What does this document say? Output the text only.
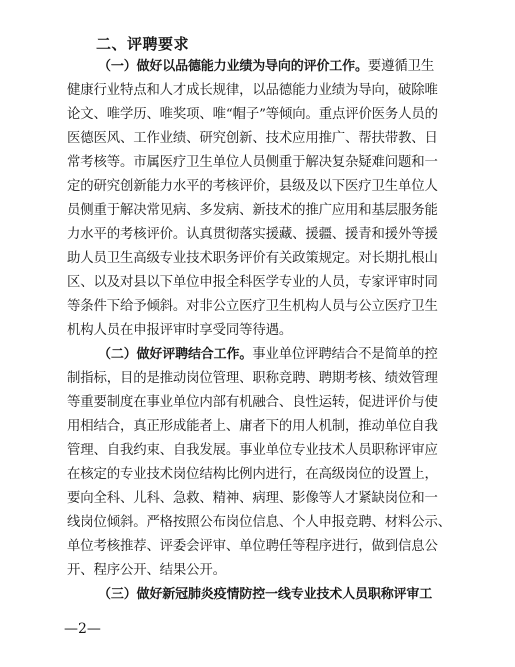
二、评聘要求
（一）做好以品德能力业绩为导向的评价工作。要遵循卫生
健康行业特点和人才成长规律，以品德能力业绩为导向，破除唯
论文、唯学历、唯奖项、唯“帽子”等倾向。重点评价医务人员的
医德医风、工作业绩、研究创新、技术应用推广、帮扶带教、日
常考核等。市属医疗卫生单位人员侧重于解决复杂疑难问题和一
定的研究创新能力水平的考核评价，县级及以下医疗卫生单位人
员侧重于解决常见病、多发病、新技术的推广应用和基层服务能
力水平的考核评价。认真贯彻落实援藏、援疆、援青和援外等援
助人员卫生高级专业技术职务评价有关政策规定。对长期扎根山
区、以及对县以下单位申报全科医学专业的人员，专家评审时同
等条件下给予倾斜。对非公立医疗卫生机构人员与公立医疗卫生
机构人员在申报评审时享受同等待遇。
（二）做好评聘结合工作。事业单位评聘结合不是简单的控
制指标，目的是推动岗位管理、职称竞聘、聘期考核、绩效管理
等重要制度在事业单位内部有机融合、良性运转，促进评价与使
用相结合，真正形成能者上、庸者下的用人机制，推动单位自我
管理、自我约束、自我发展。事业单位专业技术人员职称评审应
在核定的专业技术岗位结构比例内进行，在高级岗位的设置上，
要向全科、儿科、急救、精神、病理、影像等人才紧缺岗位和一
线岗位倾斜。严格按照公布岗位信息、个人申报竞聘、材料公示、
单位考核推荐、评委会评审、单位聘任等程序进行，做到信息公
开、程序公开、结果公开。
（三）做好新冠肺炎疫情防控一线专业技术人员职称评审工
—2—
